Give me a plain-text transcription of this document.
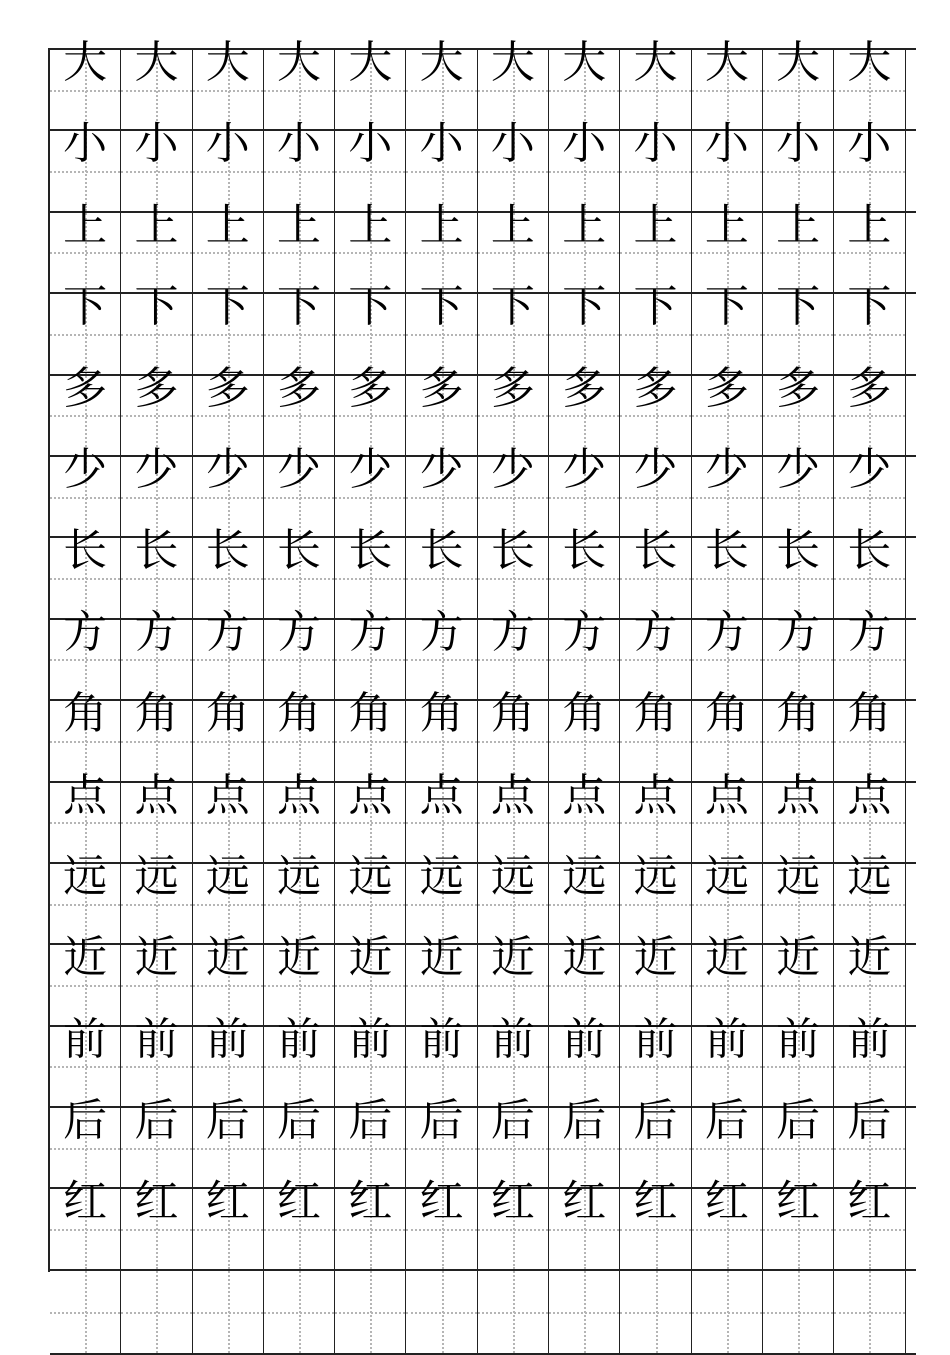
大 大 大 大 大 大 大 大 大 大 大 大
小 小 小 小 小 小 小 小 小 小 小 小
上 上 上 上 上 上 上 上 上 上 上 上
下 下 下 下 下 下 下 下 下 下 下 下
多 多 多 多 多 多 多 多 多 多 多 多
少 少 少 少 少 少 少 少 少 少 少 少
长 长 长 长 长 长 长 长 长 长 长 长
方 方 方 方 方 方 方 方 方 方 方 方
角 角 角 角 角 角 角 角 角 角 角 角
点 点 点 点 点 点 点 点 点 点 点 点
远 远 远 远 远 远 远 远 远 远 远 远
近 近 近 近 近 近 近 近 近 近 近 近
前 前 前 前 前 前 前 前 前 前 前 前
后 后 后 后 后 后 后 后 后 后 后 后
红 红 红 红 红 红 红 红 红 红 红 红
